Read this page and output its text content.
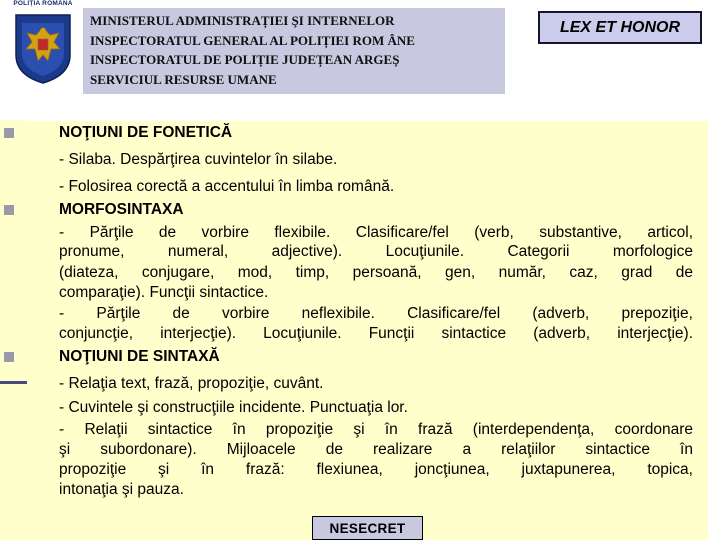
POLIȚIA ROMÂNĂ
MINISTERUL ADMINISTRAȚIEI ŞI INTERNELOR
INSPECTORATUL GENERAL AL POLIȚIEI ROM ÂNE
INSPECTORATUL DE POLIȚIE JUDEȚEAN ARGEŞ
SERVICIUL RESURSE UMANE
LEX ET HONOR
NOŢIUNI DE FONETICĂ
- Silaba. Despărţirea cuvintelor în silabe.
- Folosirea corectă a accentului în limba română.
MORFOSINTAXA
- Părţile de vorbire flexibile. Clasificare/fel (verb, substantive, articol,
pronume, numeral, adjective). Locuţiunile. Categorii morfologice
(diateza, conjugare, mod, timp, persoană, gen, număr, caz, grad de
comparaţie). Funcţii sintactice.
- Părţile de vorbire neflexibile. Clasificare/fel (adverb, prepoziţie,
conjuncţie, interjecţie). Locuţiunile. Funcţii sintactice (adverb, interjecţie).
NOŢIUNI DE SINTAXĂ
- Relaţia text, frază, propoziţie, cuvânt.
- Cuvintele şi construcţiile incidente. Punctuaţia lor.
- Relaţii sintactice în propoziţie şi în frază (interdependenţa, coordonare
şi subordonare). Mijloacele de realizare a relaţiilor sintactice în
propoziţie şi în frază: flexiunea, joncţiunea, juxtapunerea, topica,
intonaţia şi pauza.
NESECRET
